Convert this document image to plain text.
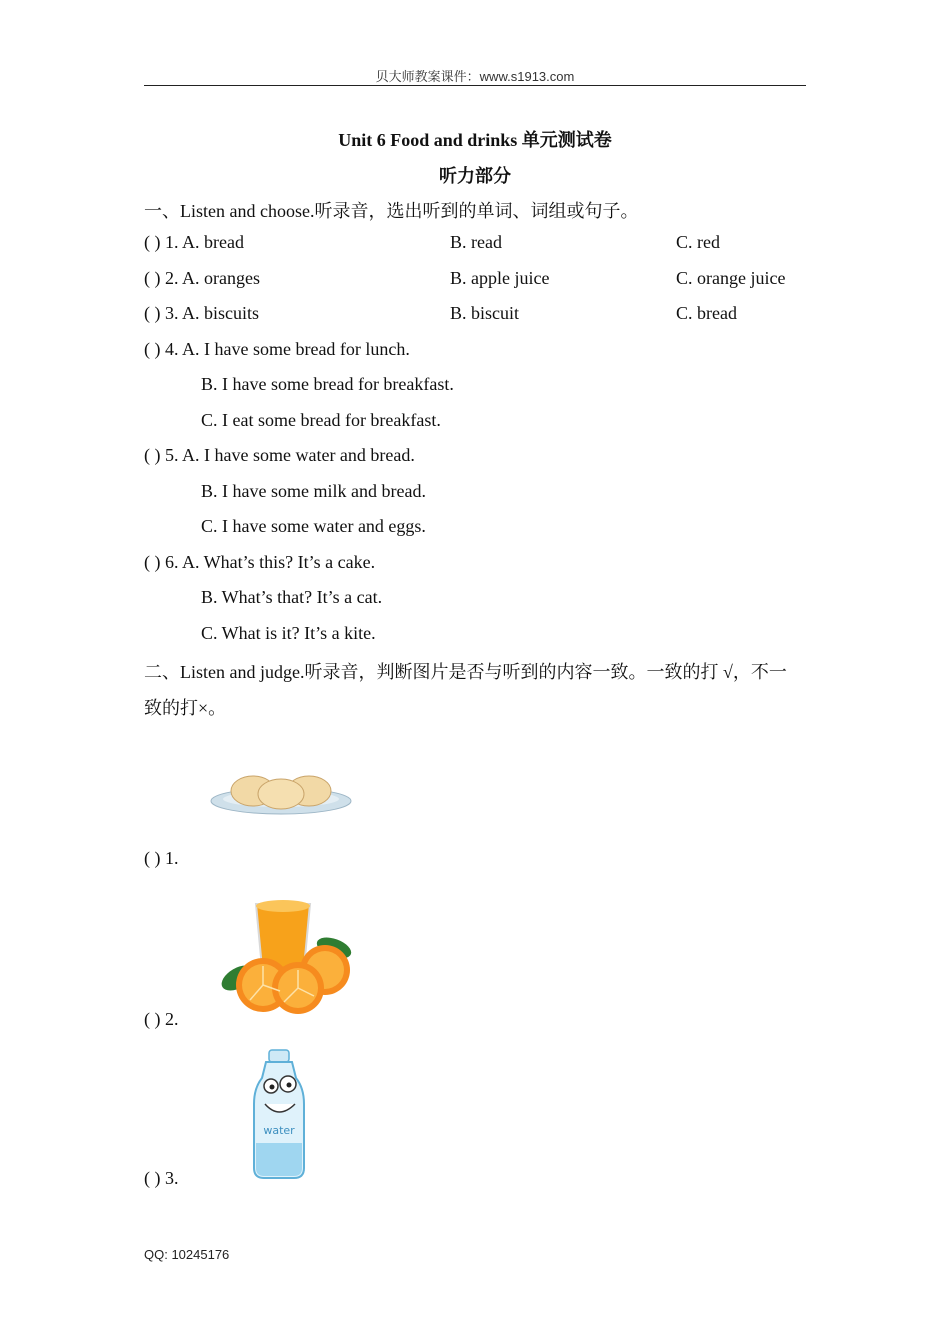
贝大师教案课件：www.s1913.com
Unit 6 Food and drinks 单元测试卷
听力部分
一、Listen and choose.听录音，选出听到的单词、词组或句子。
( ) 1. A. bread	B. read	C. red
( ) 2. A. oranges	B. apple juice	C. orange juice
( ) 3. A. biscuits	B. biscuit	C. bread
( ) 4. A. I have some bread for lunch.
B. I have some bread for breakfast.
C. I eat some bread for breakfast.
( ) 5. A. I have some water and bread.
B. I have some milk and bread.
C. I have some water and eggs.
( ) 6. A. What’s this? It’s a cake.
B. What’s that? It’s a cat.
C. What is it? It’s a kite.
二、Listen and judge.听录音，判断图片是否与听到的内容一致。一致的打 √，不一
致的打×。
( ) 1.
( ) 2.
water
( ) 3.
QQ: 10245176
